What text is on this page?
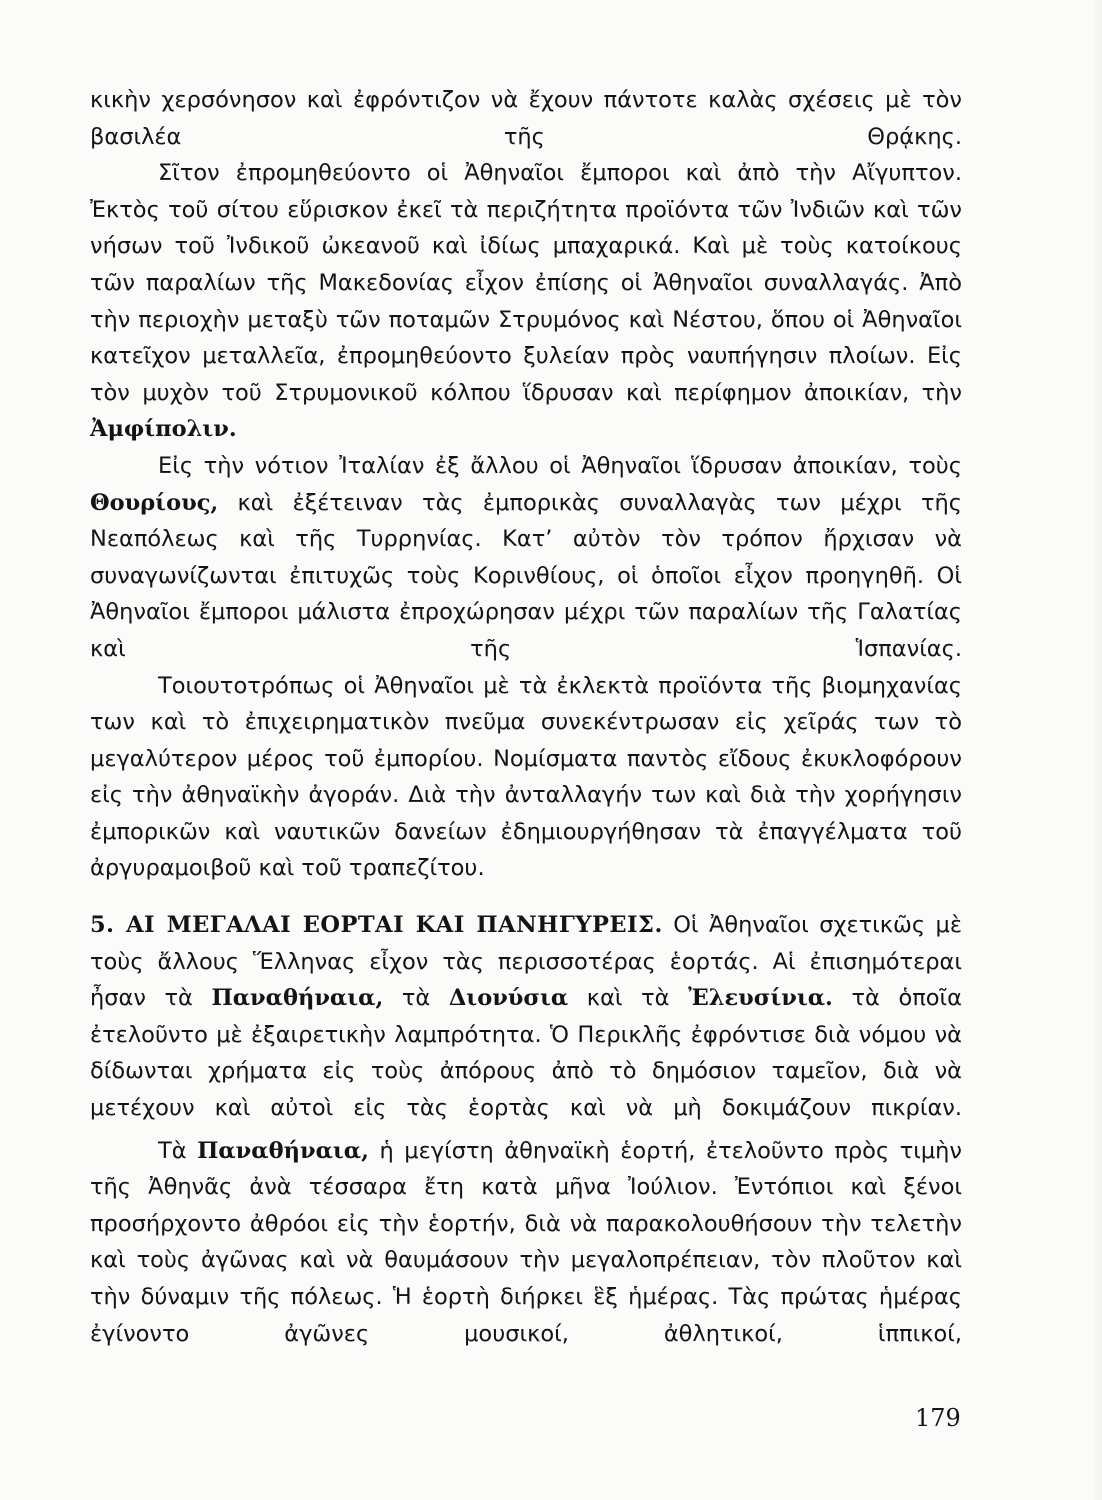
κικὴν χερσόνησον καὶ ἐφρόντιζον νὰ ἔχουν πάντοτε καλὰς σχέσεις μὲ τὸν βασιλέα τῆς Θρᾴκης.

Σῖτον ἐπρομηθεύοντο οἱ Ἀθηναῖοι ἔμποροι καὶ ἀπὸ τὴν Αἴγυπτον. Ἐκτὸς τοῦ σίτου εὕρισκον ἐκεῖ τὰ περιζήτητα προϊόντα τῶν Ἰνδιῶν καὶ τῶν νήσων τοῦ Ἰνδικοῦ ὠκεανοῦ καὶ ἰδίως μπαχαρικά. Καὶ μὲ τοὺς κατοίκους τῶν παραλίων τῆς Μακεδονίας εἶχον ἐπίσης οἱ Ἀθηναῖοι συναλλαγάς. Ἀπὸ τὴν περιοχὴν μεταξὺ τῶν ποταμῶν Στρυμόνος καὶ Νέστου, ὅπου οἱ Ἀθηναῖοι κατεῖχον μεταλλεῖα, ἐπρομηθεύοντο ξυλείαν πρὸς ναυπήγησιν πλοίων. Εἰς τὸν μυχὸν τοῦ Στρυμονικοῦ κόλπου ἵδρυσαν καὶ περίφημον ἀποικίαν, τὴν Ἀμφίπολιν.

Εἰς τὴν νότιον Ἰταλίαν ἐξ ἄλλου οἱ Ἀθηναῖοι ἵδρυσαν ἀποικίαν, τοὺς Θουρίους, καὶ ἐξέτειναν τὰς ἐμπορικὰς συναλλαγὰς των μέχρι τῆς Νεαπόλεως καὶ τῆς Τυρρηνίας. Κατ’ αὐτὸν τὸν τρόπον ἤρχισαν νὰ συναγωνίζωνται ἐπιτυχῶς τοὺς Κορινθίους, οἱ ὁποῖοι εἶχον προηγηθῆ. Οἱ Ἀθηναῖοι ἔμποροι μάλιστα ἐπροχώρησαν μέχρι τῶν παραλίων τῆς Γαλατίας καὶ τῆς Ἱσπανίας.

Τοιουτοτρόπως οἱ Ἀθηναῖοι μὲ τὰ ἐκλεκτὰ προϊόντα τῆς βιομηχανίας των καὶ τὸ ἐπιχειρηματικὸν πνεῦμα συνεκέντρωσαν εἰς χεῖράς των τὸ μεγαλύτερον μέρος τοῦ ἐμπορίου. Νομίσματα παντὸς εἴδους ἐκυκλοφόρουν εἰς τὴν ἀθηναϊκὴν ἀγοράν. Διὰ τὴν ἀνταλλαγήν των καὶ διὰ τὴν χορήγησιν ἐμπορικῶν καὶ ναυτικῶν δανείων ἐδημιουργήθησαν τὰ ἐπαγγέλματα τοῦ ἀργυραμοιβοῦ καὶ τοῦ τραπεζίτου.

5. ΑΙ ΜΕΓΑΛΑΙ ΕΟΡΤΑΙ ΚΑΙ ΠΑΝΗΓΥΡΕΙΣ. Οἱ Ἀθηναῖοι σχετικῶς μὲ τοὺς ἄλλους Ἕλληνας εἶχον τὰς περισσοτέρας ἑορτάς. Αἱ ἐπισημότεραι ἦσαν τὰ Παναθήναια, τὰ Διονύσια καὶ τὰ Ἐλευσίνια. τὰ ὁποῖα ἐτελοῦντο μὲ ἐξαιρετικὴν λαμπρότητα. Ὁ Περικλῆς ἐφρόντισε διὰ νόμου νὰ δίδωνται χρήματα εἰς τοὺς ἀπόρους ἀπὸ τὸ δημόσιον ταμεῖον, διὰ νὰ μετέχουν καὶ αὐτοὶ εἰς τὰς ἑορτὰς καὶ νὰ μὴ δοκιμάζουν πικρίαν.

Τὰ Παναθήναια, ἡ μεγίστη ἀθηναϊκὴ ἑορτή, ἐτελοῦντο πρὸς τιμὴν τῆς Ἀθηνᾶς ἀνὰ τέσσαρα ἔτη κατὰ μῆνα Ἰούλιον. Ἐντόπιοι καὶ ξένοι προσήρχοντο ἀθρόοι εἰς τὴν ἑορτήν, διὰ νὰ παρακολουθήσουν τὴν τελετὴν καὶ τοὺς ἀγῶνας καὶ νὰ θαυμάσουν τὴν μεγαλοπρέπειαν, τὸν πλοῦτον καὶ τὴν δύναμιν τῆς πόλεως. Ἡ ἑορτὴ διήρκει ἓξ ἡμέρας. Τὰς πρώτας ἡμέρας ἐγίνοντο ἀγῶνες μουσικοί, ἀθλητικοί, ἱππικοί,

179
